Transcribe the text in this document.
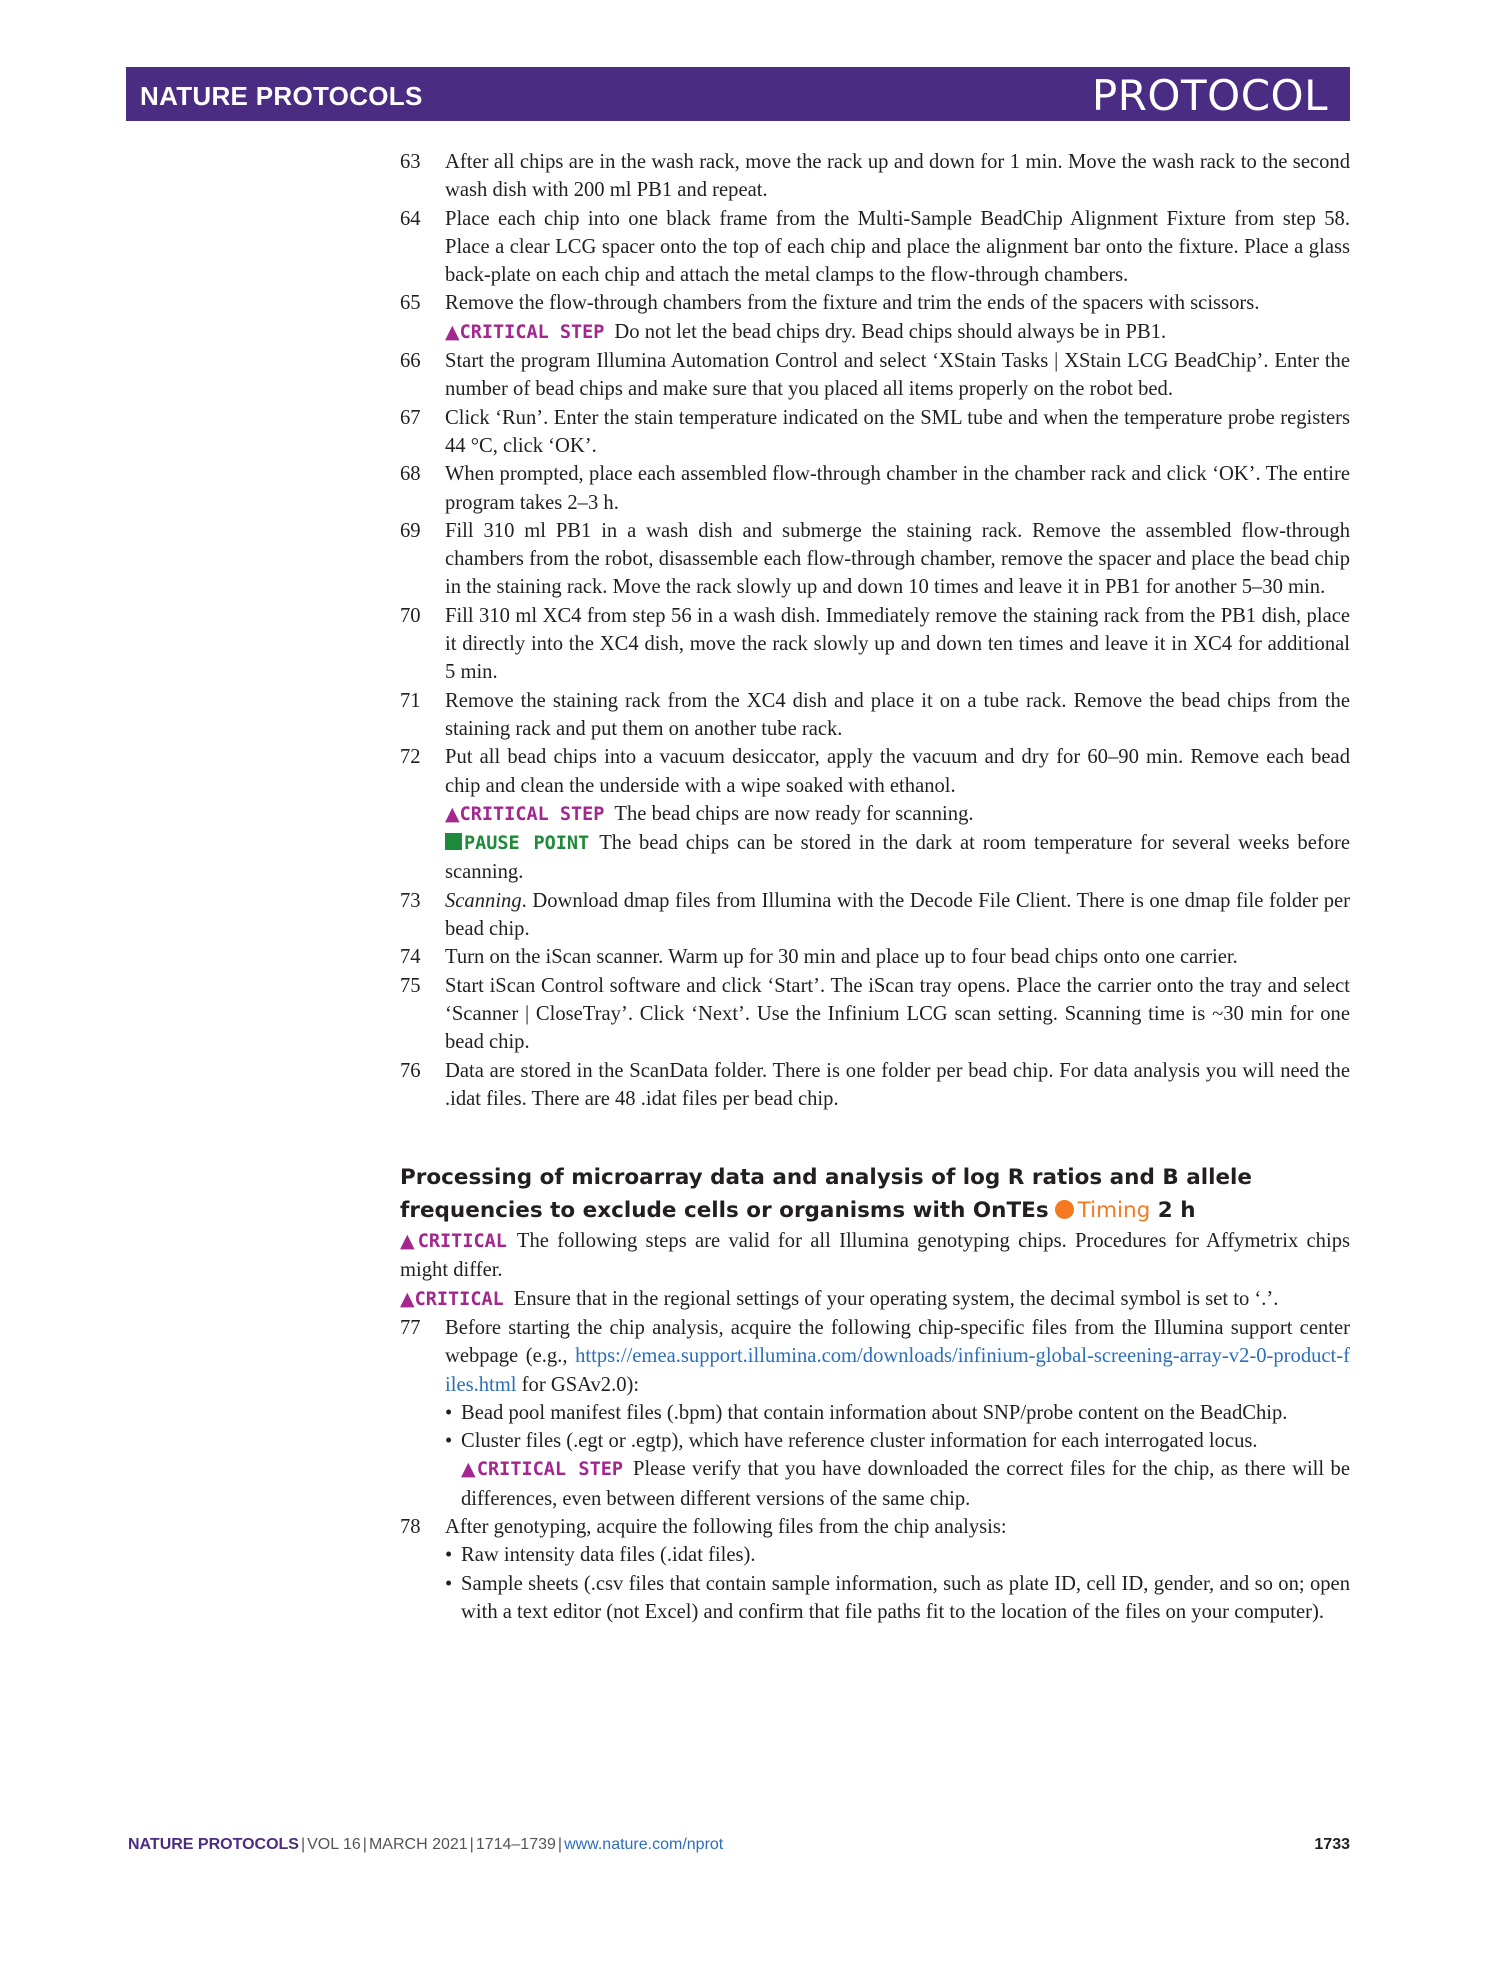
NATURE PROTOCOLS	PROTOCOL
63 After all chips are in the wash rack, move the rack up and down for 1 min. Move the wash rack to the second wash dish with 200 ml PB1 and repeat.
64 Place each chip into one black frame from the Multi-Sample BeadChip Alignment Fixture from step 58. Place a clear LCG spacer onto the top of each chip and place the alignment bar onto the fixture. Place a glass back-plate on each chip and attach the metal clamps to the flow-through chambers.
65 Remove the flow-through chambers from the fixture and trim the ends of the spacers with scissors.
▲CRITICAL STEP Do not let the bead chips dry. Bead chips should always be in PB1.
66 Start the program Illumina Automation Control and select ‘XStain Tasks | XStain LCG BeadChip’. Enter the number of bead chips and make sure that you placed all items properly on the robot bed.
67 Click ‘Run’. Enter the stain temperature indicated on the SML tube and when the temperature probe registers 44 °C, click ‘OK’.
68 When prompted, place each assembled flow-through chamber in the chamber rack and click ‘OK’. The entire program takes 2–3 h.
69 Fill 310 ml PB1 in a wash dish and submerge the staining rack. Remove the assembled flow-through chambers from the robot, disassemble each flow-through chamber, remove the spacer and place the bead chip in the staining rack. Move the rack slowly up and down 10 times and leave it in PB1 for another 5–30 min.
70 Fill 310 ml XC4 from step 56 in a wash dish. Immediately remove the staining rack from the PB1 dish, place it directly into the XC4 dish, move the rack slowly up and down ten times and leave it in XC4 for additional 5 min.
71 Remove the staining rack from the XC4 dish and place it on a tube rack. Remove the bead chips from the staining rack and put them on another tube rack.
72 Put all bead chips into a vacuum desiccator, apply the vacuum and dry for 60–90 min. Remove each bead chip and clean the underside with a wipe soaked with ethanol.
▲CRITICAL STEP The bead chips are now ready for scanning.
PAUSE POINT The bead chips can be stored in the dark at room temperature for several weeks before scanning.
73 Scanning. Download dmap files from Illumina with the Decode File Client. There is one dmap file folder per bead chip.
74 Turn on the iScan scanner. Warm up for 30 min and place up to four bead chips onto one carrier.
75 Start iScan Control software and click ‘Start’. The iScan tray opens. Place the carrier onto the tray and select ‘Scanner | CloseTray’. Click ‘Next’. Use the Infinium LCG scan setting. Scanning time is ~30 min for one bead chip.
76 Data are stored in the ScanData folder. There is one folder per bead chip. For data analysis you will need the .idat files. There are 48 .idat files per bead chip.
Processing of microarray data and analysis of log R ratios and B allele frequencies to exclude cells or organisms with OnTEs Timing 2 h
▲CRITICAL The following steps are valid for all Illumina genotyping chips. Procedures for Affymetrix chips might differ.
▲CRITICAL Ensure that in the regional settings of your operating system, the decimal symbol is set to ‘.’.
77 Before starting the chip analysis, acquire the following chip-specific files from the Illumina support center webpage (e.g., https://emea.support.illumina.com/downloads/infinium-global-screening-array-v2-0-product-files.html for GSAv2.0):
• Bead pool manifest files (.bpm) that contain information about SNP/probe content on the BeadChip.
• Cluster files (.egt or .egtp), which have reference cluster information for each interrogated locus.
▲CRITICAL STEP Please verify that you have downloaded the correct files for the chip, as there will be differences, even between different versions of the same chip.
78 After genotyping, acquire the following files from the chip analysis:
• Raw intensity data files (.idat files).
• Sample sheets (.csv files that contain sample information, such as plate ID, cell ID, gender, and so on; open with a text editor (not Excel) and confirm that file paths fit to the location of the files on your computer).
NATURE PROTOCOLS | VOL 16 | MARCH 2021 | 1714–1739 | www.nature.com/nprot	1733
